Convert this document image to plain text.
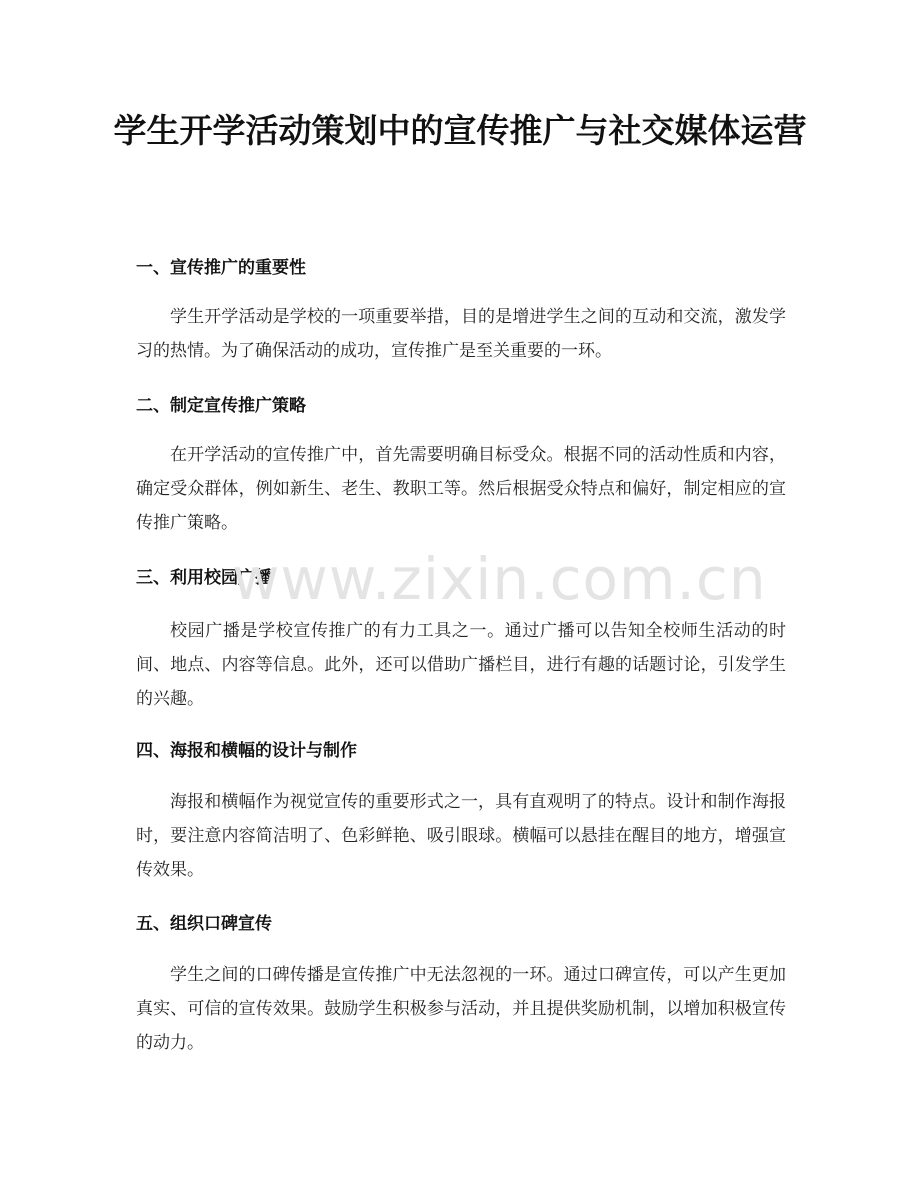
学生开学活动策划中的宣传推广与社交媒体运营
一、宣传推广的重要性

学生开学活动是学校的一项重要举措，目的是增进学生之间的互动和交流，激发学习的热情。为了确保活动的成功，宣传推广是至关重要的一环。

二、制定宣传推广策略

在开学活动的宣传推广中，首先需要明确目标受众。根据不同的活动性质和内容，确定受众群体，例如新生、老生、教职工等。然后根据受众特点和偏好，制定相应的宣传推广策略。

三、利用校园广播

校园广播是学校宣传推广的有力工具之一。通过广播可以告知全校师生活动的时间、地点、内容等信息。此外，还可以借助广播栏目，进行有趣的话题讨论，引发学生的兴趣。

四、海报和横幅的设计与制作

海报和横幅作为视觉宣传的重要形式之一，具有直观明了的特点。设计和制作海报时，要注意内容简洁明了、色彩鲜艳、吸引眼球。横幅可以悬挂在醒目的地方，增强宣传效果。

五、组织口碑宣传

学生之间的口碑传播是宣传推广中无法忽视的一环。通过口碑宣传，可以产生更加真实、可信的宣传效果。鼓励学生积极参与活动，并且提供奖励机制，以增加积极宣传的动力。

www.zixin.com.cn
